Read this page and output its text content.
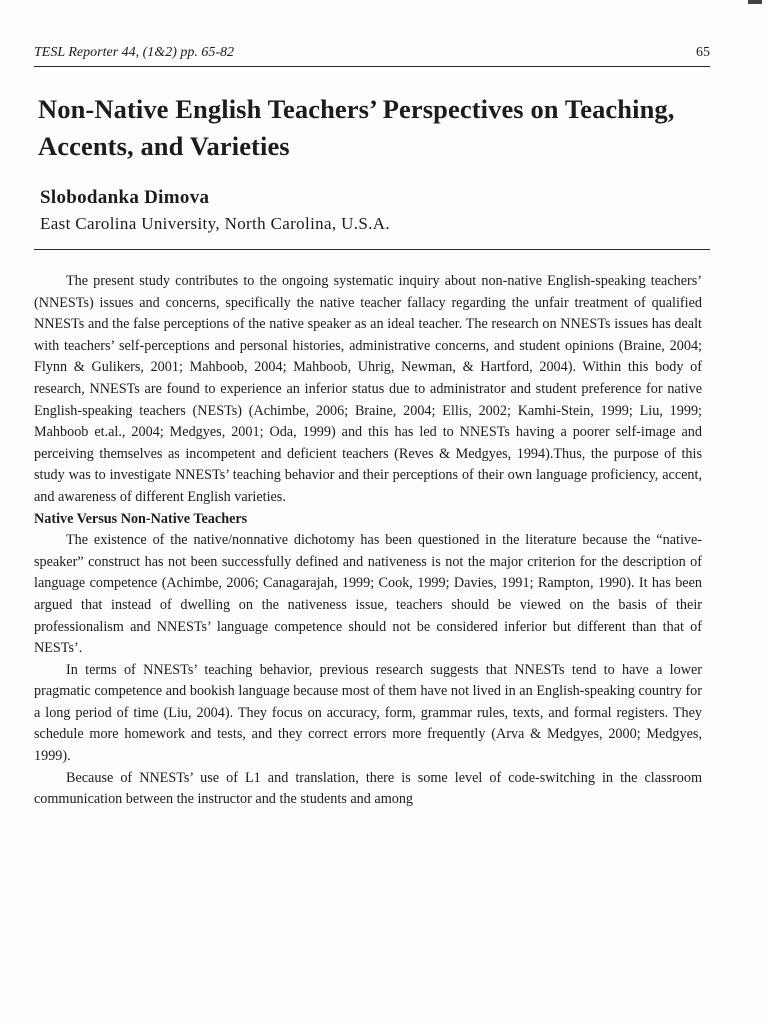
TESL Reporter 44, (1&2) pp. 65-82	65
Non-Native English Teachers’ Perspectives on Teaching, Accents, and Varieties
Slobodanka Dimova
East Carolina University, North Carolina, U.S.A.

The present study contributes to the ongoing systematic inquiry about non-native English-speaking teachers’ (NNESTs) issues and concerns, specifically the native teacher fallacy regarding the unfair treatment of qualified NNESTs and the false perceptions of the native speaker as an ideal teacher. The research on NNESTs issues has dealt with teachers’ self-perceptions and personal histories, administrative concerns, and student opinions (Braine, 2004; Flynn & Gulikers, 2001; Mahboob, 2004; Mahboob, Uhrig, Newman, & Hartford, 2004). Within this body of research, NNESTs are found to experience an inferior status due to administrator and student preference for native English-speaking teachers (NESTs) (Achimbe, 2006; Braine, 2004; Ellis, 2002; Kamhi-Stein, 1999; Liu, 1999; Mahboob et.al., 2004; Medgyes, 2001; Oda, 1999) and this has led to NNESTs having a poorer self-image and perceiving themselves as incompetent and deficient teachers (Reves & Medgyes, 1994).Thus, the purpose of this study was to investigate NNESTs’ teaching behavior and their perceptions of their own language proficiency, accent, and awareness of different English varieties.

Native Versus Non-Native Teachers

The existence of the native/nonnative dichotomy has been questioned in the literature because the “native-speaker” construct has not been successfully defined and nativeness is not the major criterion for the description of language competence (Achimbe, 2006; Canagarajah, 1999; Cook, 1999; Davies, 1991; Rampton, 1990). It has been argued that instead of dwelling on the nativeness issue, teachers should be viewed on the basis of their professionalism and NNESTs’ language competence should not be considered inferior but different than that of NESTs’.

In terms of NNESTs’ teaching behavior, previous research suggests that NNESTs tend to have a lower pragmatic competence and bookish language because most of them have not lived in an English-speaking country for a long period of time (Liu, 2004). They focus on accuracy, form, grammar rules, texts, and formal registers. They schedule more homework and tests, and they correct errors more frequently (Arva & Medgyes, 2000; Medgyes, 1999).

Because of NNESTs’ use of L1 and translation, there is some level of code-switching in the classroom communication between the instructor and the students and among
